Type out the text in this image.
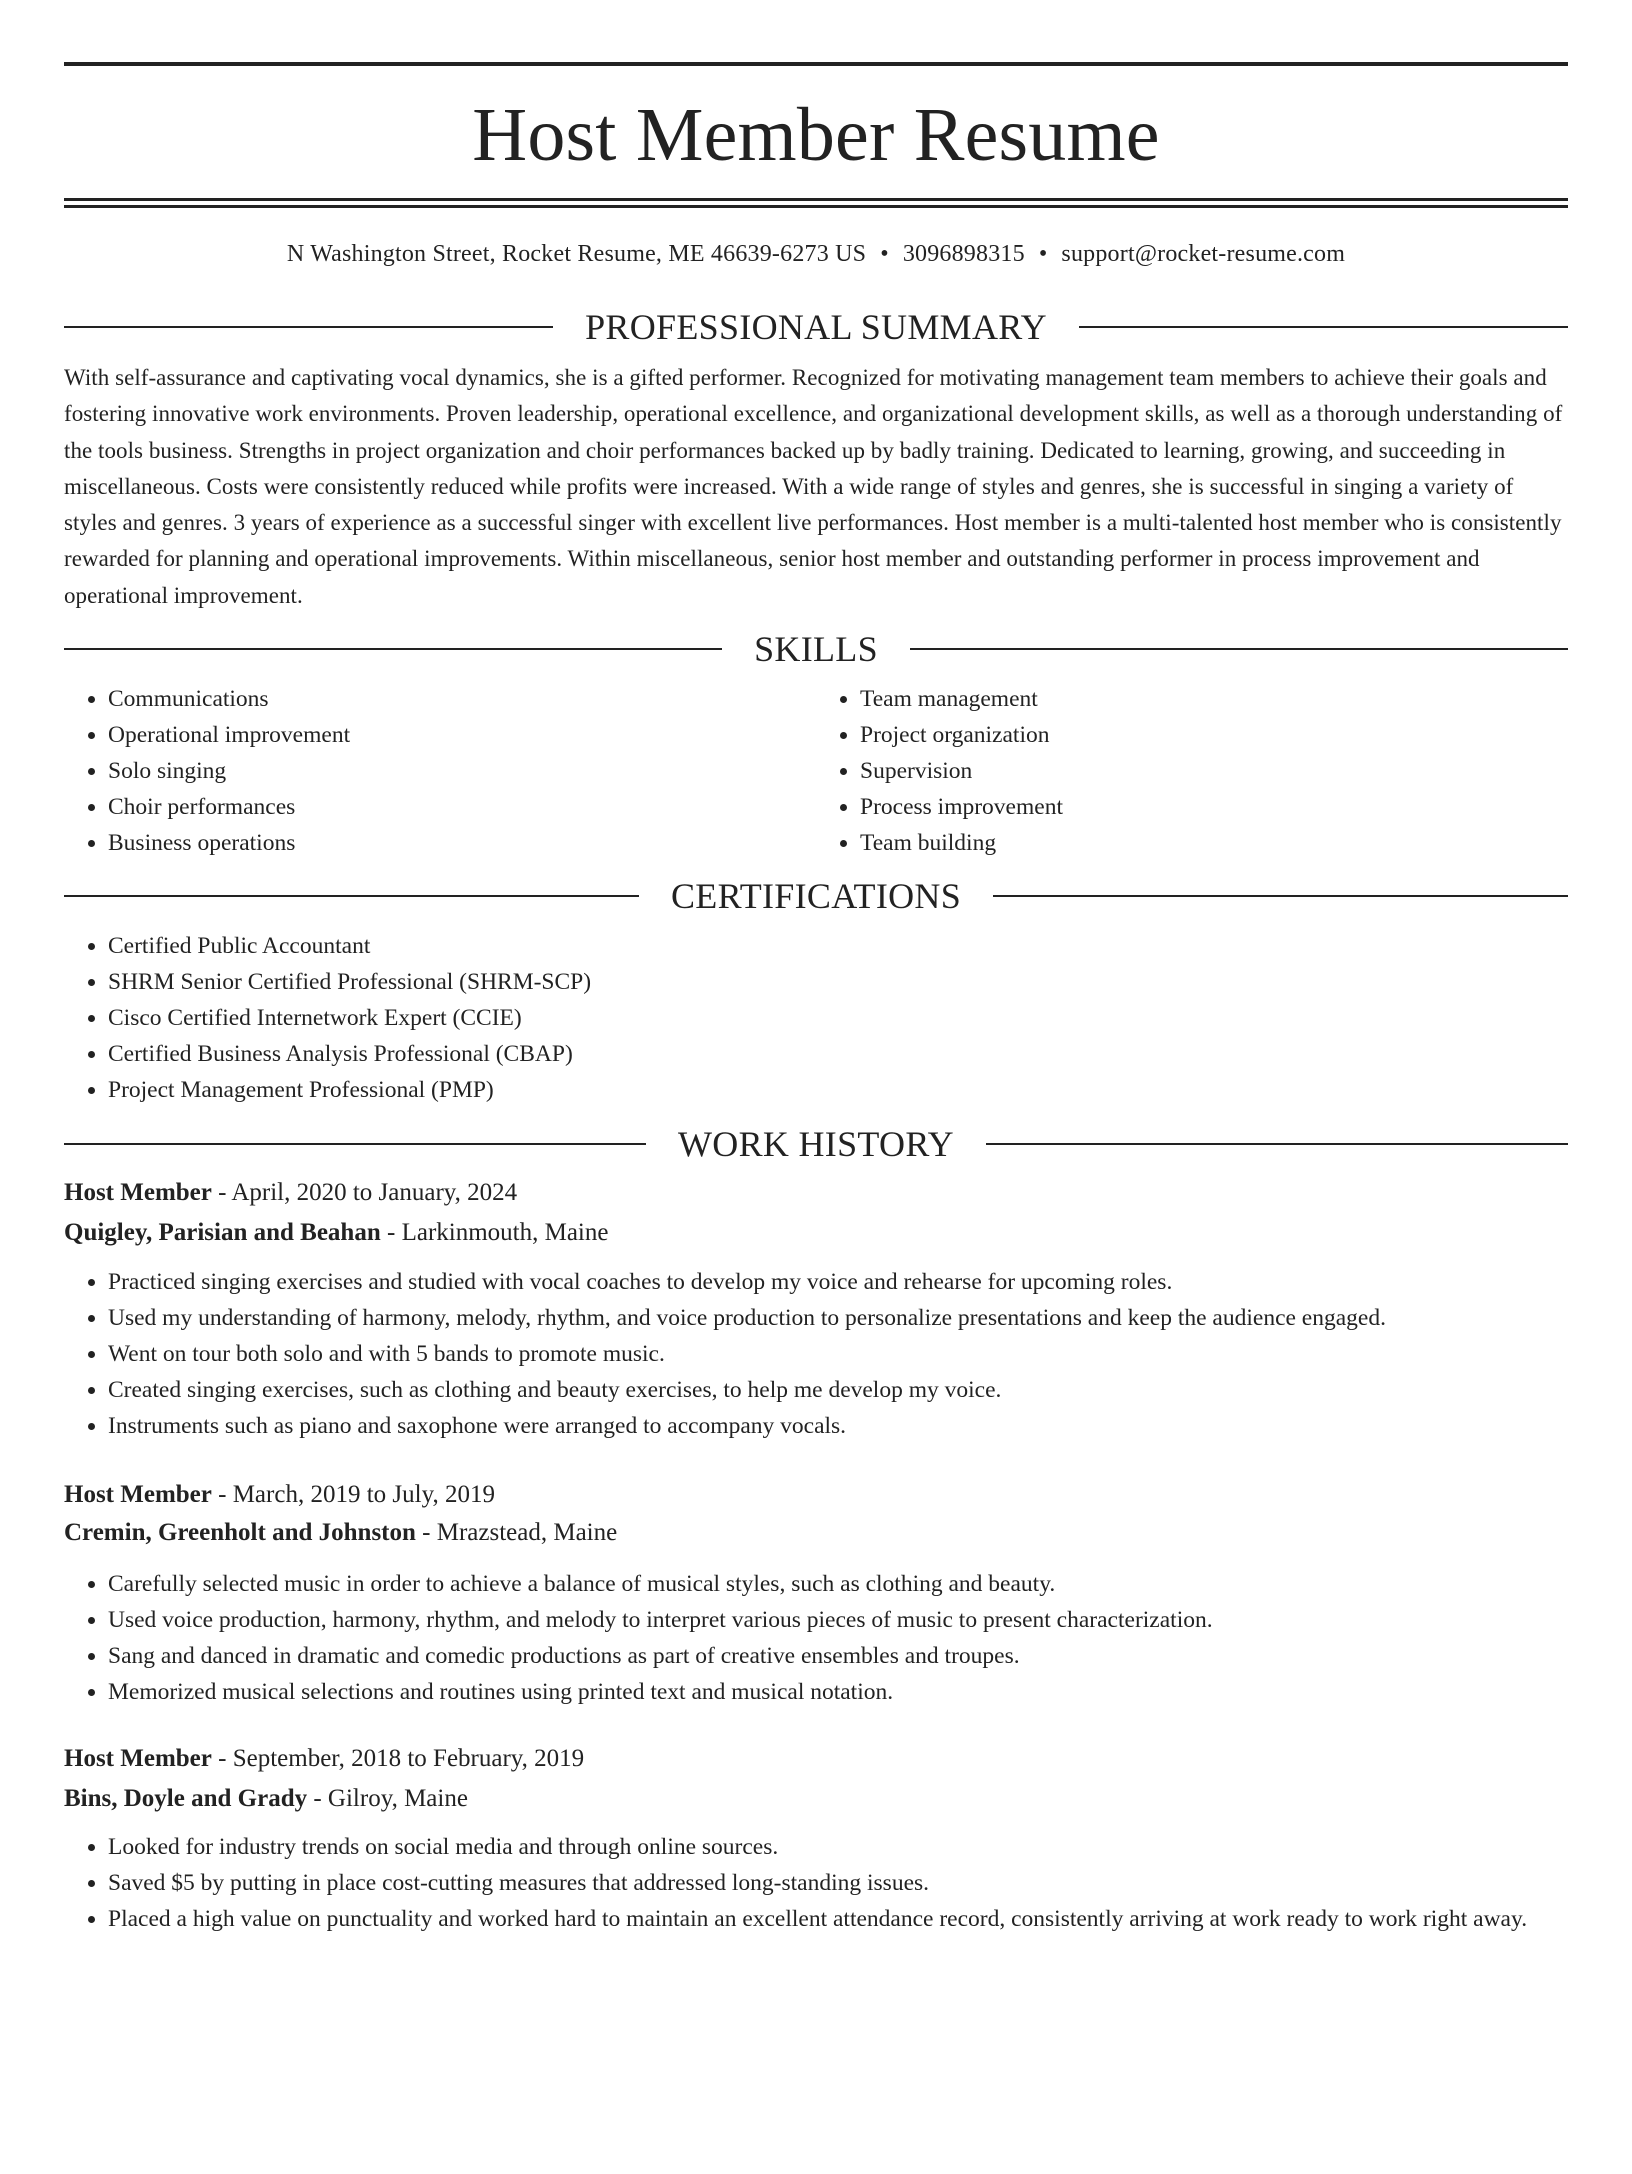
Host Member Resume
N Washington Street, Rocket Resume, ME 46639-6273 US • 3096898315 • support@rocket-resume.com
PROFESSIONAL SUMMARY

With self-assurance and captivating vocal dynamics, she is a gifted performer. Recognized for motivating management team members to achieve their goals and fostering innovative work environments. Proven leadership, operational excellence, and organizational development skills, as well as a thorough understanding of the tools business. Strengths in project organization and choir performances backed up by badly training. Dedicated to learning, growing, and succeeding in miscellaneous. Costs were consistently reduced while profits were increased. With a wide range of styles and genres, she is successful in singing a variety of styles and genres. 3 years of experience as a successful singer with excellent live performances. Host member is a multi-talented host member who is consistently rewarded for planning and operational improvements. Within miscellaneous, senior host member and outstanding performer in process improvement and operational improvement.

SKILLS
• Communications
• Operational improvement
• Solo singing
• Choir performances
• Business operations
• Team management
• Project organization
• Supervision
• Process improvement
• Team building
CERTIFICATIONS
• Certified Public Accountant
• SHRM Senior Certified Professional (SHRM-SCP)
• Cisco Certified Internetwork Expert (CCIE)
• Certified Business Analysis Professional (CBAP)
• Project Management Professional (PMP)
WORK HISTORY
Host Member - April, 2020 to January, 2024
Quigley, Parisian and Beahan - Larkinmouth, Maine
• Practiced singing exercises and studied with vocal coaches to develop my voice and rehearse for upcoming roles.
• Used my understanding of harmony, melody, rhythm, and voice production to personalize presentations and keep the audience engaged.
• Went on tour both solo and with 5 bands to promote music.
• Created singing exercises, such as clothing and beauty exercises, to help me develop my voice.
• Instruments such as piano and saxophone were arranged to accompany vocals.
Host Member - March, 2019 to July, 2019
Cremin, Greenholt and Johnston - Mrazstead, Maine
• Carefully selected music in order to achieve a balance of musical styles, such as clothing and beauty.
• Used voice production, harmony, rhythm, and melody to interpret various pieces of music to present characterization.
• Sang and danced in dramatic and comedic productions as part of creative ensembles and troupes.
• Memorized musical selections and routines using printed text and musical notation.
Host Member - September, 2018 to February, 2019
Bins, Doyle and Grady - Gilroy, Maine
• Looked for industry trends on social media and through online sources.
• Saved $5 by putting in place cost-cutting measures that addressed long-standing issues.
• Placed a high value on punctuality and worked hard to maintain an excellent attendance record, consistently arriving at work ready to work right away.
